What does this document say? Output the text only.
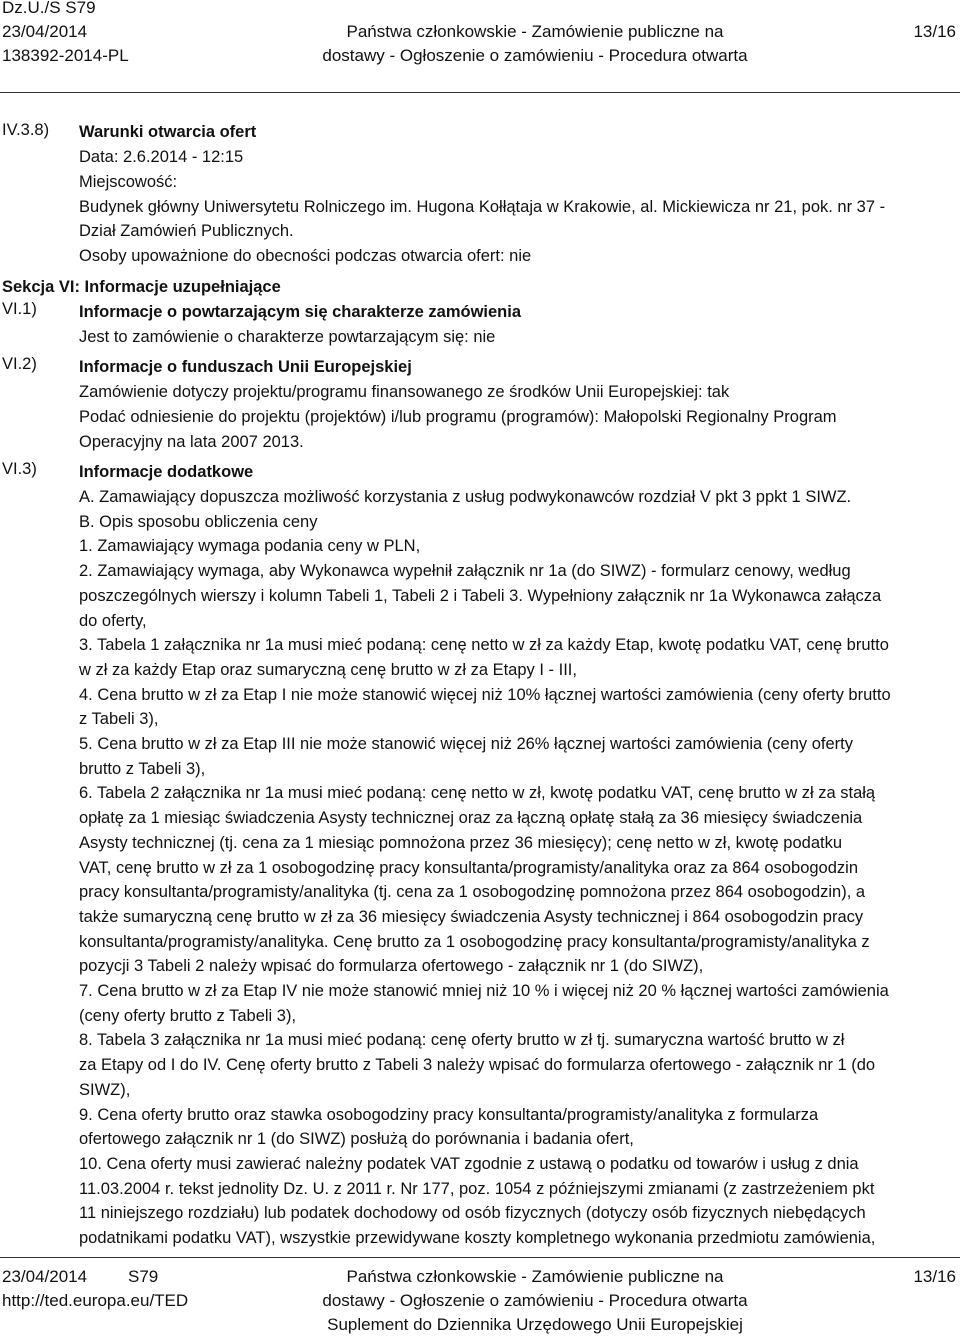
Dz.U./S S79
23/04/2014
138392-2014-PL
Państwa członkowskie - Zamówienie publiczne na
dostawy - Ogłoszenie o zamówieniu - Procedura otwarta
13/16
IV.3.8) Warunki otwarcia ofert
Data: 2.6.2014 - 12:15
Miejscowość:
Budynek główny Uniwersytetu Rolniczego im. Hugona Kołłątaja w Krakowie, al. Mickiewicza nr 21, pok. nr 37 -
Dział Zamówień Publicznych.
Osoby upoważnione do obecności podczas otwarcia ofert: nie
Sekcja VI: Informacje uzupełniające
VI.1)	Informacje o powtarzającym się charakterze zamówienia
Jest to zamówienie o charakterze powtarzającym się: nie
VI.2)	Informacje o funduszach Unii Europejskiej
Zamówienie dotyczy projektu/programu finansowanego ze środków Unii Europejskiej: tak
Podać odniesienie do projektu (projektów) i/lub programu (programów): Małopolski Regionalny Program
Operacyjny na lata 2007 2013.
VI.3)	Informacje dodatkowe
A. Zamawiający dopuszcza możliwość korzystania z usług podwykonawców rozdział V pkt 3 ppkt 1 SIWZ.
B. Opis sposobu obliczenia ceny
1. Zamawiający wymaga podania ceny w PLN,
2. Zamawiający wymaga, aby Wykonawca wypełnił załącznik nr 1a (do SIWZ) - formularz cenowy, według
poszczególnych wierszy i kolumn Tabeli 1, Tabeli 2 i Tabeli 3. Wypełniony załącznik nr 1a Wykonawca załącza
do oferty,
3. Tabela 1 załącznika nr 1a musi mieć podaną: cenę netto w zł za każdy Etap, kwotę podatku VAT, cenę brutto
w zł za każdy Etap oraz sumaryczną cenę brutto w zł za Etapy I - III,
4. Cena brutto w zł za Etap I nie może stanowić więcej niż 10% łącznej wartości zamówienia (ceny oferty brutto
z Tabeli 3),
5. Cena brutto w zł za Etap III nie może stanowić więcej niż 26% łącznej wartości zamówienia (ceny oferty
brutto z Tabeli 3),
6. Tabela 2 załącznika nr 1a musi mieć podaną: cenę netto w zł, kwotę podatku VAT, cenę brutto w zł za stałą
opłatę za 1 miesiąc świadczenia Asysty technicznej oraz za łączną opłatę stałą za 36 miesięcy świadczenia
Asysty technicznej (tj. cena za 1 miesiąc pomnożona przez 36 miesięcy); cenę netto w zł, kwotę podatku
VAT, cenę brutto w zł za 1 osobogodzinę pracy konsultanta/programisty/analityka oraz za 864 osobogodzin
pracy konsultanta/programisty/analityka (tj. cena za 1 osobogodzinę pomnożona przez 864 osobogodzin), a
także sumaryczną cenę brutto w zł za 36 miesięcy świadczenia Asysty technicznej i 864 osobogodzin pracy
konsultanta/programisty/analityka. Cenę brutto za 1 osobogodzinę pracy konsultanta/programisty/analityka z
pozycji 3 Tabeli 2 należy wpisać do formularza ofertowego - załącznik nr 1 (do SIWZ),
7. Cena brutto w zł za Etap IV nie może stanowić mniej niż 10 % i więcej niż 20 % łącznej wartości zamówienia
(ceny oferty brutto z Tabeli 3),
8. Tabela 3 załącznika nr 1a musi mieć podaną: cenę oferty brutto w zł tj. sumaryczna wartość brutto w zł
za Etapy od I do IV. Cenę oferty brutto z Tabeli 3 należy wpisać do formularza ofertowego - załącznik nr 1 (do
SIWZ),
9. Cena oferty brutto oraz stawka osobogodziny pracy konsultanta/programisty/analityka z formularza
ofertowego załącznik nr 1 (do SIWZ) posłużą do porównania i badania ofert,
10. Cena oferty musi zawierać należny podatek VAT zgodnie z ustawą o podatku od towarów i usług z dnia
11.03.2004 r. tekst jednolity Dz. U. z 2011 r. Nr 177, poz. 1054 z późniejszymi zmianami (z zastrzeżeniem pkt
11 niniejszego rozdziału) lub podatek dochodowy od osób fizycznych (dotyczy osób fizycznych niebędących
podatnikami podatku VAT), wszystkie przewidywane koszty kompletnego wykonania przedmiotu zamówienia,
23/04/2014 S79
http://ted.europa.eu/TED
Państwa członkowskie - Zamówienie publiczne na
dostawy - Ogłoszenie o zamówieniu - Procedura otwarta
Suplement do Dziennika Urzędowego Unii Europejskiej
13/16
